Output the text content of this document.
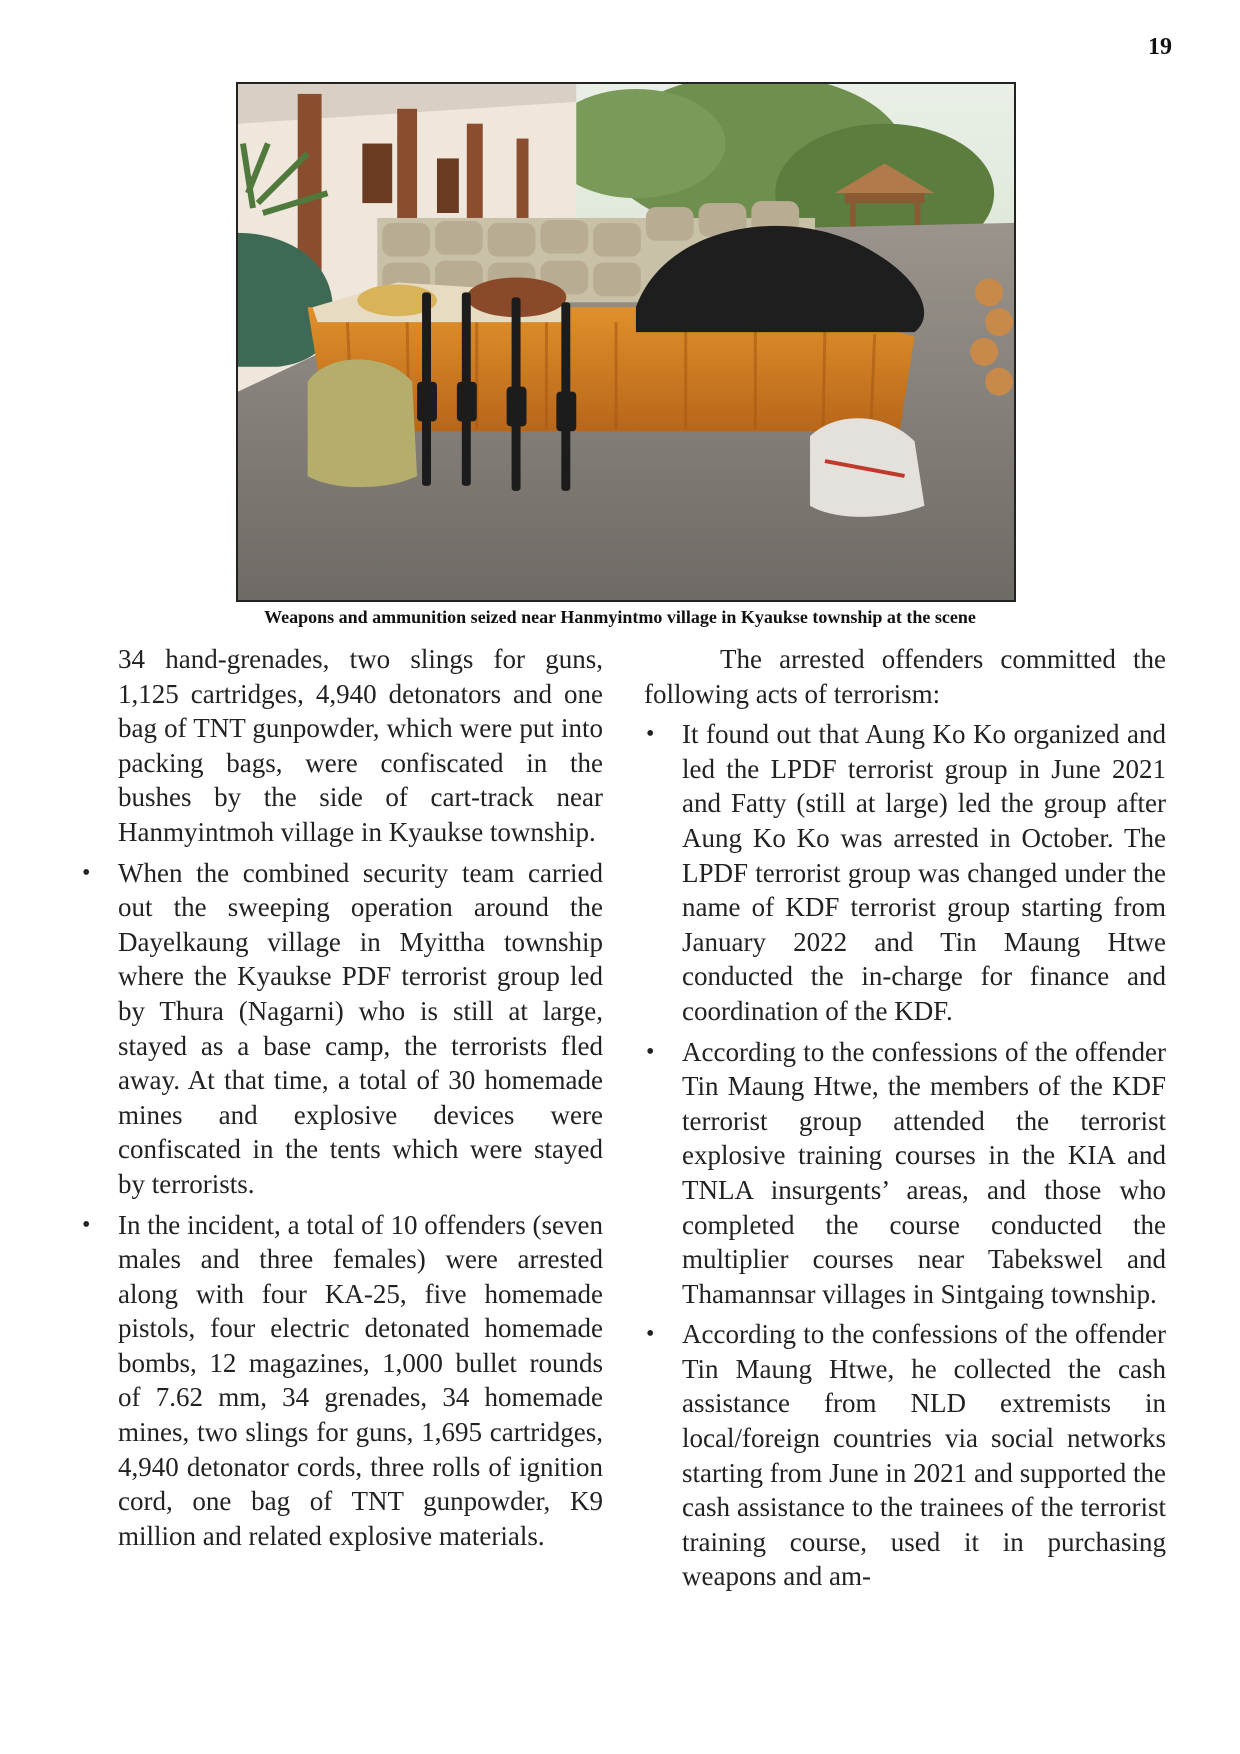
19
Weapons and ammunition seized near Hanmyintmo village in Kyaukse township at the scene

34 hand-grenades, two slings for guns, 1,125 cartridges, 4,940 detonators and one bag of TNT gunpowder, which were put into packing bags, were confiscated in the bushes by the side of cart-track near Hanmyintmoh village in Kyaukse township.

• When the combined security team carried out the sweeping operation around the Dayelkaung village in Myittha township where the Kyaukse PDF terrorist group led by Thura (Nagarni) who is still at large, stayed as a base camp, the terrorists fled away. At that time, a total of 30 homemade mines and explosive devices were confiscated in the tents which were stayed by terrorists.
• In the incident, a total of 10 offenders (seven males and three females) were arrested along with four KA-25, five homemade pistols, four electric detonated homemade bombs, 12 magazines, 1,000 bullet rounds of 7.62 mm, 34 grenades, 34 homemade mines, two slings for guns, 1,695 cartridges, 4,940 detonator cords, three rolls of ignition cord, one bag of TNT gunpowder, K9 million and related explosive materials.

The arrested offenders committed the following acts of terrorism:

• It found out that Aung Ko Ko organized and led the LPDF terrorist group in June 2021 and Fatty (still at large) led the group after Aung Ko Ko was arrested in October. The LPDF terrorist group was changed under the name of KDF terrorist group starting from January 2022 and Tin Maung Htwe conducted the in-charge for finance and coordination of the KDF.
• According to the confessions of the offender Tin Maung Htwe, the members of the KDF terrorist group attended the terrorist explosive training courses in the KIA and TNLA insurgents’ areas, and those who completed the course conducted the multiplier courses near Tabekswel and Thamannsar villages in Sintgaing township.
• According to the confessions of the offender Tin Maung Htwe, he collected the cash assistance from NLD extremists in local/foreign countries via social networks starting from June in 2021 and supported the cash assistance to the trainees of the terrorist training course, used it in purchasing weapons and am-
